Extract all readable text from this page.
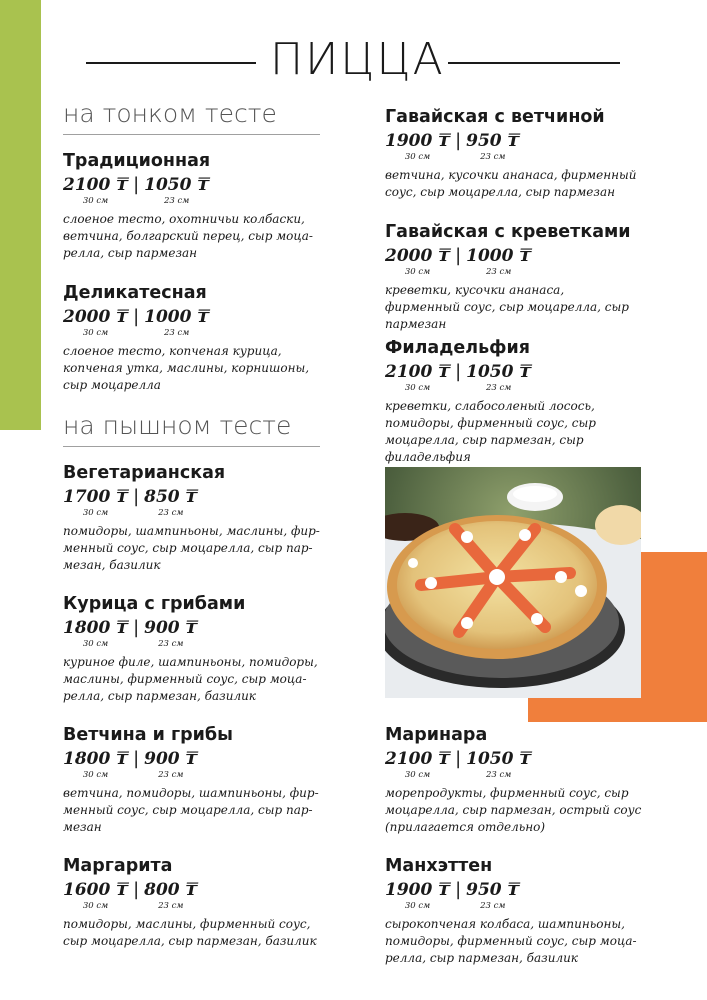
ПИЦЦА
на тонком тесте
на пышном тесте
Традиционная
2100 ₸
30 см
| 1050 ₸
23 см
слоеное тесто, охотничьи колбаски, ветчина, болгарский перец, сыр моцарелла, сыр пармезан
Деликатесная
2000 ₸
30 см
| 1000 ₸
23 см
слоеное тесто, копченая курица, копченая утка, маслины, корнишоны, сыр моцарелла
Вегетарианская
1700 ₸
30 см
| 850 ₸
23 см
помидоры, шампиньоны, маслины, фирменный соус, сыр моцарелла, сыр пармезан, базилик
Курица с грибами
1800 ₸
30 см
| 900 ₸
23 см
куриное филе, шампиньоны, помидоры, маслины, фирменный соус, сыр моцарелла, сыр пармезан, базилик
Ветчина и грибы
1800 ₸
30 см
| 900 ₸
23 см
ветчина, помидоры, шампиньоны, фирменный соус, сыр моцарелла, сыр пармезан
Маргарита
1600 ₸
30 см
| 800 ₸
23 см
помидоры, маслины, фирменный соус, сыр моцарелла, сыр пармезан, базилик
Гавайская с ветчиной
1900 ₸
30 см
| 950 ₸
23 см
ветчина, кусочки ананаса, фирменный соус, сыр моцарелла, сыр пармезан
Гавайская с креветками
2000 ₸
30 см
| 1000 ₸
23 см
креветки, кусочки ананаса, фирменный соус, сыр моцарелла, сыр пармезан
Филадельфия
2100 ₸
30 см
| 1050 ₸
23 см
креветки, слабосоленый лосось, помидоры, фирменный соус, сыр моцарелла, сыр пармезан, сыр филадельфия
Маринара
2100 ₸
30 см
| 1050 ₸
23 см
морепродукты, фирменный соус, сыр моцарелла, сыр пармезан, острый соус (прилагается отдельно)
Манхэттен
1900 ₸
30 см
| 950 ₸
23 см
сырокопченая колбаса, шампиньоны, помидоры, фирменный соус, сыр моцарелла, сыр пармезан, базилик
